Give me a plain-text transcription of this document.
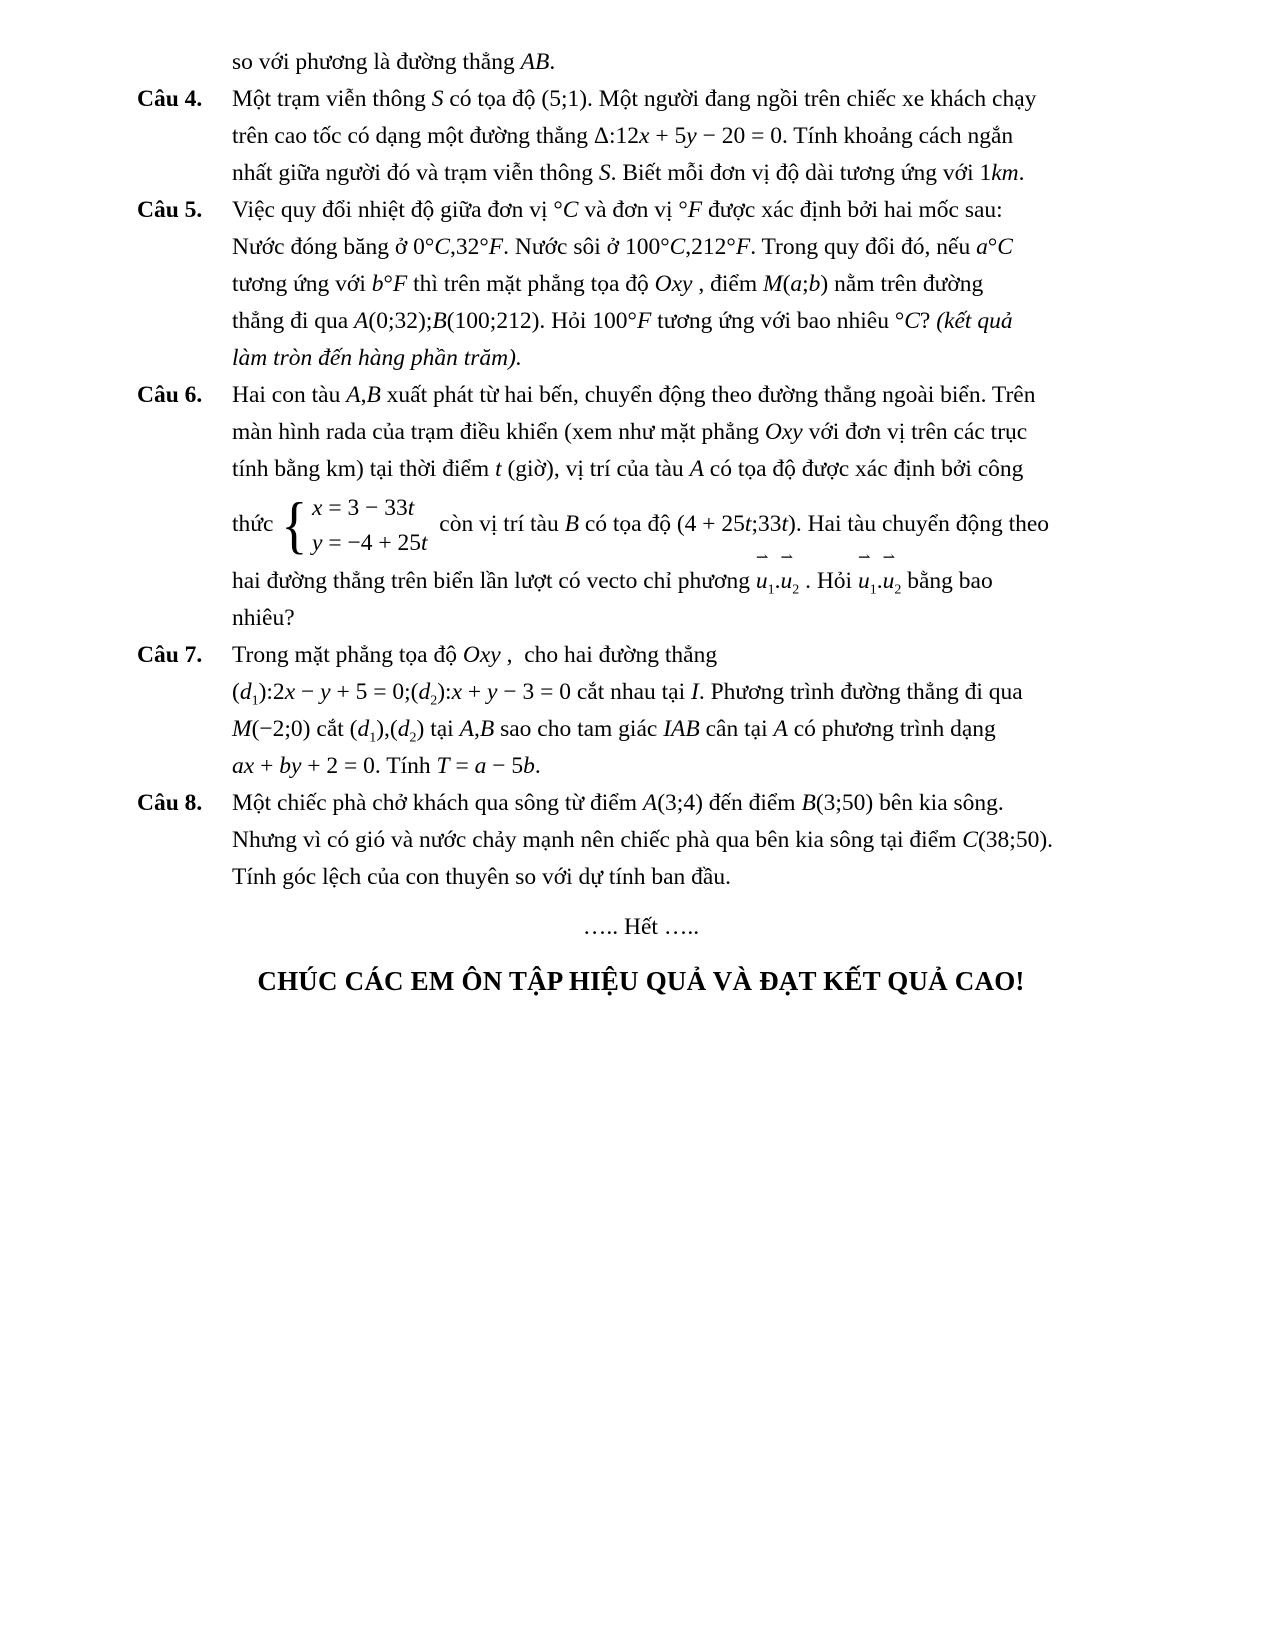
so với phương là đường thẳng AB.
Câu 4. Một trạm viễn thông S có tọa độ (5;1). Một người đang ngồi trên chiếc xe khách chạy
trên cao tốc có dạng một đường thẳng Δ:12x + 5y − 20 = 0. Tính khoảng cách ngắn
nhất giữa người đó và trạm viễn thông S. Biết mỗi đơn vị độ dài tương ứng với 1km.
Câu 5. Việc quy đổi nhiệt độ giữa đơn vị °C và đơn vị °F được xác định bởi hai mốc sau:
Nước đóng băng ở 0°C,32°F. Nước sôi ở 100°C,212°F. Trong quy đổi đó, nếu a°C
tương ứng với b°F thì trên mặt phẳng tọa độ Oxy , điểm M(a;b) nằm trên đường
thẳng đi qua A(0;32);B(100;212). Hỏi 100°F tương ứng với bao nhiêu °C? (kết quả
làm tròn đến hàng phần trăm).
Câu 6. Hai con tàu A,B xuất phát từ hai bến, chuyển động theo đường thẳng ngoài biển. Trên
màn hình rada của trạm điều khiển (xem như mặt phẳng Oxy với đơn vị trên các trục
tính bằng km) tại thời điểm t (giờ), vị trí của tàu A có tọa độ được xác định bởi công
thức { x = 3 − 33t
y = −4 + 25t
còn vị trí tàu B có tọa độ (4 + 25t;33t). Hai tàu chuyển động theo
hai đường thẳng trên biển lần lượt có vecto chỉ phương
⇀
$u_1$.
⇀
$u_2$ . Hỏi
⇀
$u_1$.
⇀
$u_2$ bằng bao
nhiêu?
Câu 7. Trong mặt phẳng tọa độ Oxy ,  cho hai đường thẳng
$(d_1):2x - y + 5$ = $0;(d_2):x + y - 3 = 0$ cắt nhau tại I. Phương trình đường thẳng đi qua
M(−2;0) cắt $(d_1),(d_2)$ tại A,B sao cho tam giác IAB cân tại A có phương trình dạng
ax + by + 2 = 0. Tính T = a − 5b.
Câu 8. Một chiếc phà chở khách qua sông từ điểm A(3;4) đến điểm B(3;50) bên kia sông.
Nhưng vì có gió và nước chảy mạnh nên chiếc phà qua bên kia sông tại điểm C(38;50).
Tính góc lệch của con thuyên so với dự tính ban đầu.
….. Hết …..
CHÚC CÁC EM ÔN TẬP HIỆU QUẢ VÀ ĐẠT KẾT QUẢ CAO!
